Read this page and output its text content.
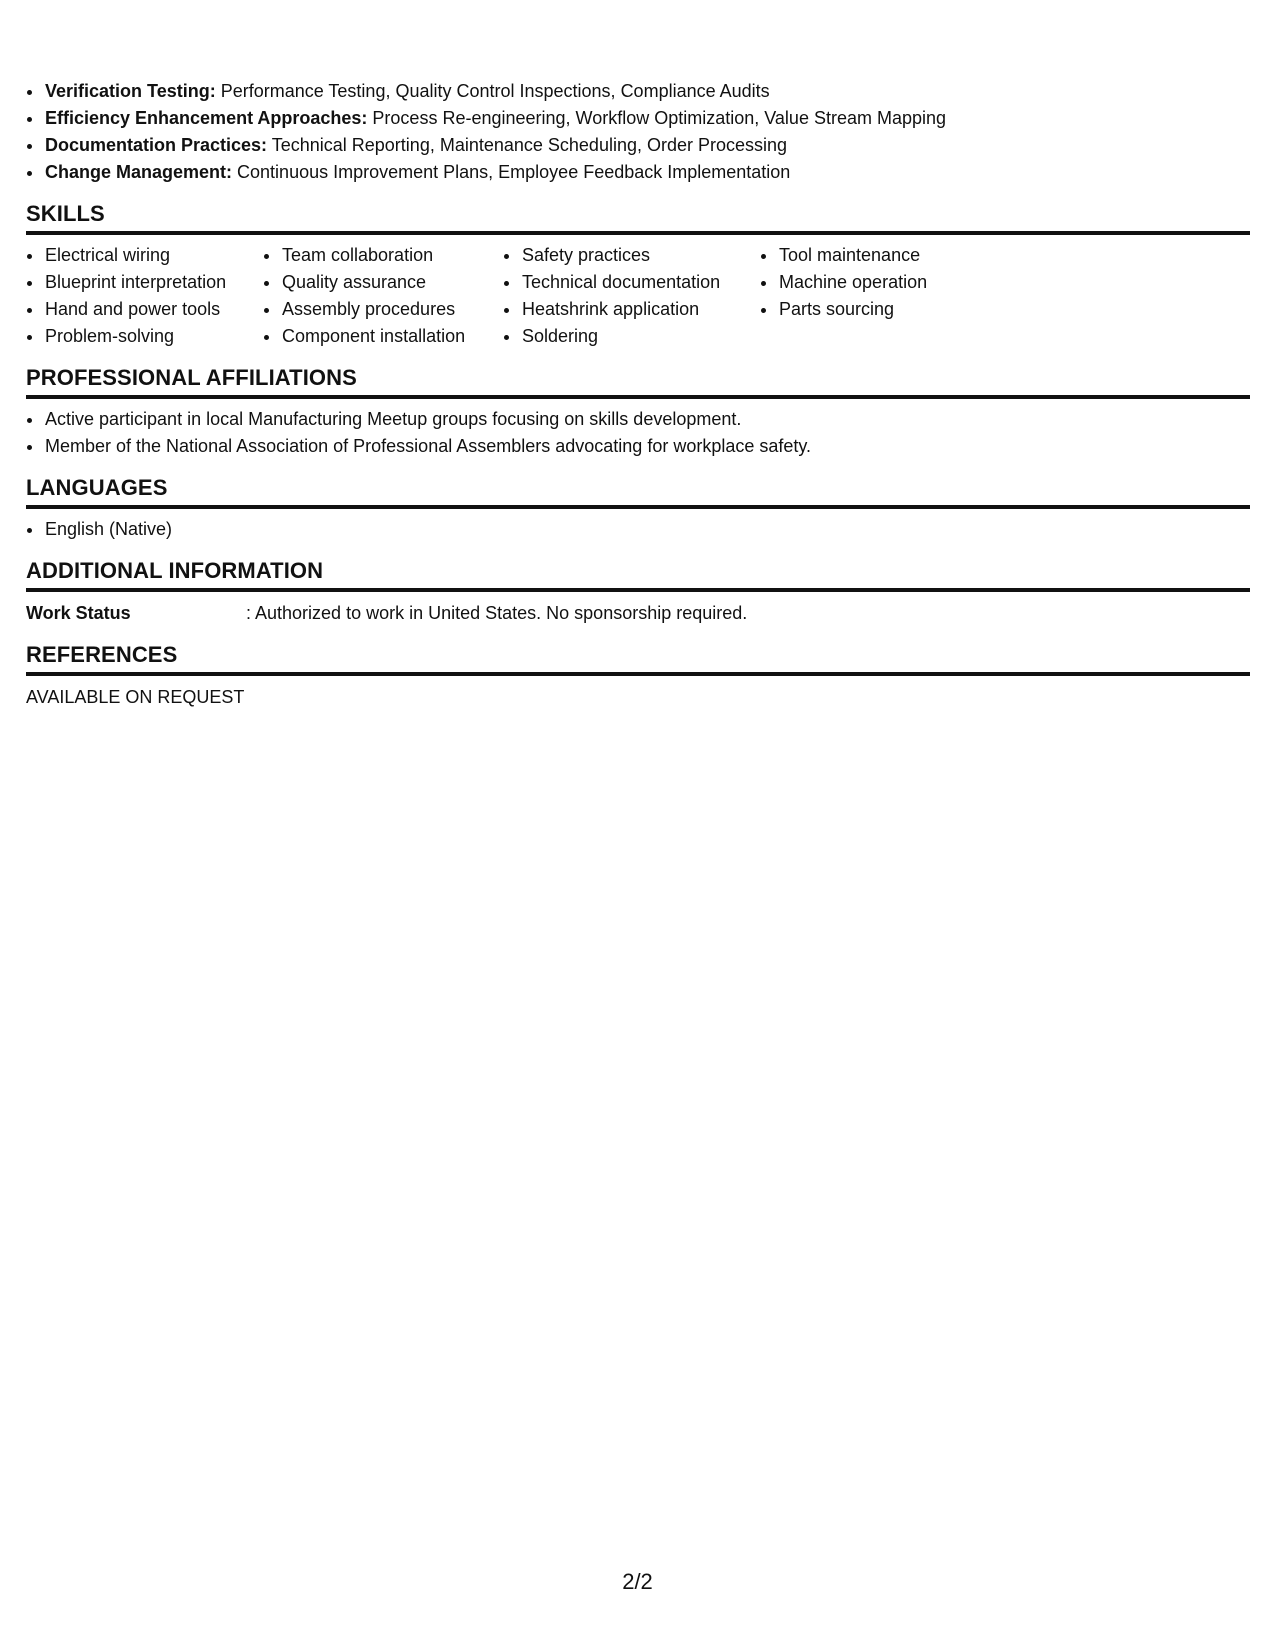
• Verification Testing: Performance Testing, Quality Control Inspections, Compliance Audits
• Efficiency Enhancement Approaches: Process Re-engineering, Workflow Optimization, Value Stream Mapping
• Documentation Practices: Technical Reporting, Maintenance Scheduling, Order Processing
• Change Management: Continuous Improvement Plans, Employee Feedback Implementation
SKILLS
• Electrical wiring
• Blueprint interpretation
• Hand and power tools
• Problem-solving
• Team collaboration
• Quality assurance
• Assembly procedures
• Component installation
• Safety practices
• Technical documentation
• Heatshrink application
• Soldering
• Tool maintenance
• Machine operation
• Parts sourcing
PROFESSIONAL AFFILIATIONS
• Active participant in local Manufacturing Meetup groups focusing on skills development.
• Member of the National Association of Professional Assemblers advocating for workplace safety.
LANGUAGES
• English (Native)
ADDITIONAL INFORMATION
Work Status	: Authorized to work in United States. No sponsorship required.
REFERENCES
AVAILABLE ON REQUEST
2/2
